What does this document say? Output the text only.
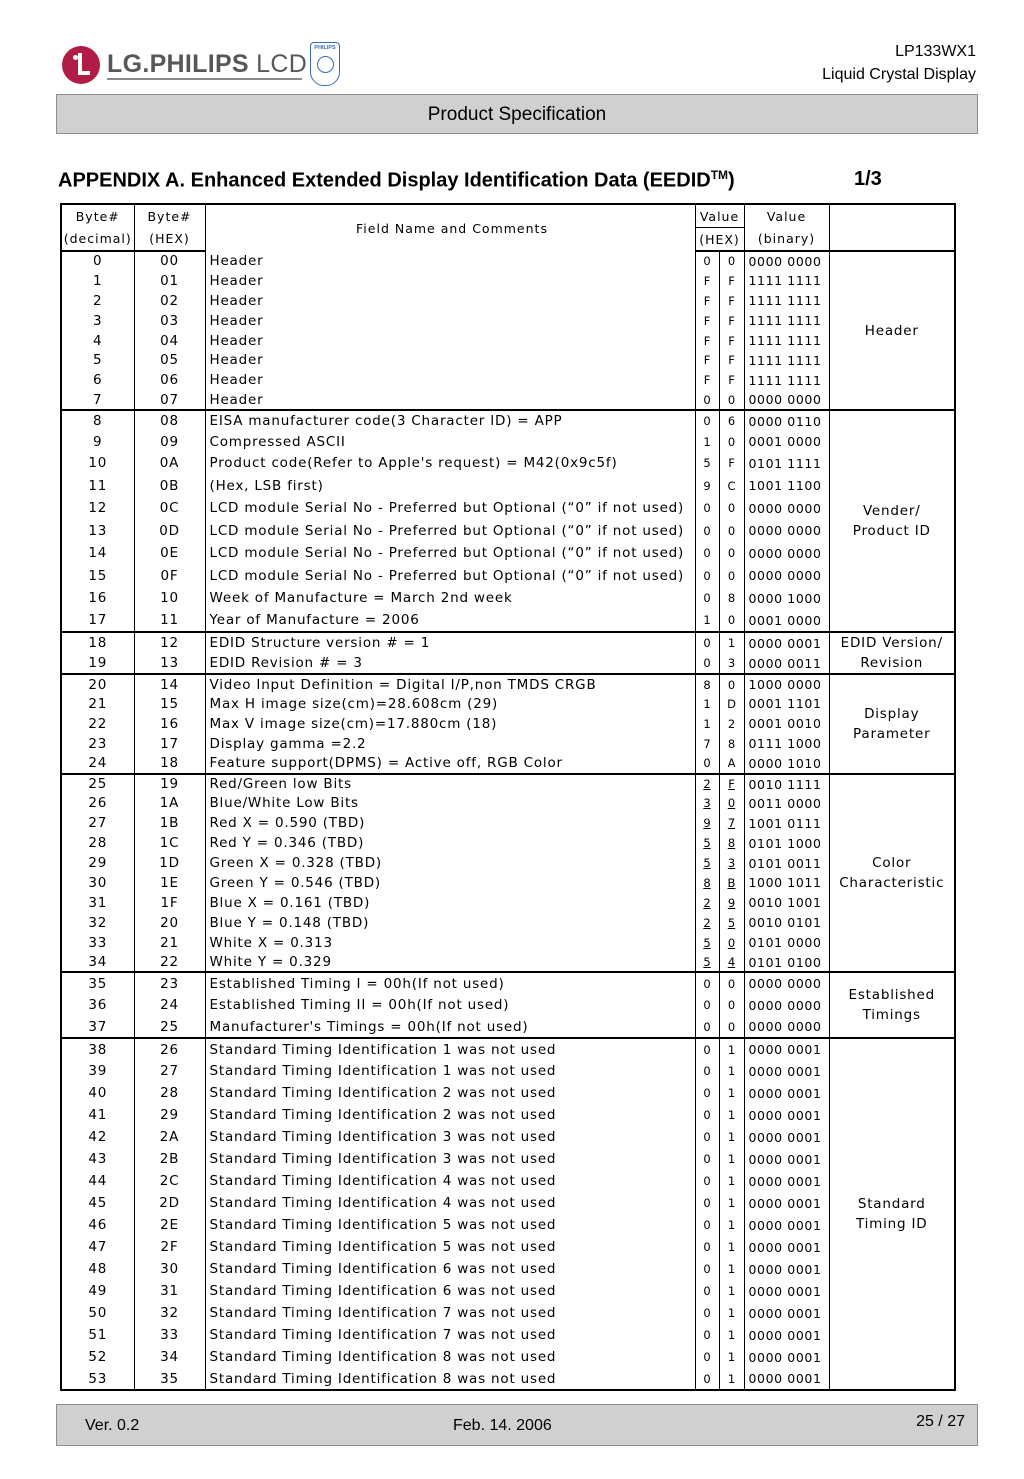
LG.PHILIPS LCD
PHILIPS	LP133WX1
Liquid Crystal Display
Product Specification
APPENDIX A. Enhanced Extended Display Identification Data (EEDID™)	1/3
Byte#	Byte#	Field Name and Comments	Value		Value	
(decimal)	(HEX)		(HEX)		(binary)	
0	00	Header	0	0	0000 0000	Header

1	01	Header	F	F	1111 1111	
2	02	Header	F	F	1111 1111	
3	03	Header	F	F	1111 1111	
4	04	Header	F	F	1111 1111	
5	05	Header	F	F	1111 1111	
6	06	Header	F	F	1111 1111	
7	07	Header	0	0	0000 0000	
8	08	EISA manufacturer code(3 Character ID) = APP	0	6	0000 0110	Vender/
Product ID

9	09	Compressed ASCII	1	0	0001 0000	
10	0A	Product code(Refer to Apple's request) = M42(0x9c5f)	5	F	0101 1111	
11	0B	(Hex, LSB first)	9	C	1001 1100	
12	0C	LCD module Serial No - Preferred but Optional (“0” if not used)	0	0	0000 0000	
13	0D	LCD module Serial No - Preferred but Optional (“0” if not used)	0	0	0000 0000	
14	0E	LCD module Serial No - Preferred but Optional (“0” if not used)	0	0	0000 0000	
15	0F	LCD module Serial No - Preferred but Optional (“0” if not used)	0	0	0000 0000	
16	10	Week of Manufacture = March 2nd week	0	8	0000 1000	
17	11	Year of Manufacture = 2006	1	0	0001 0000	
18	12	EDID Structure version # = 1	0	1	0000 0001	EDID Version/
Revision

19	13	EDID Revision # = 3	0	3	0000 0011	
20	14	Video Input Definition = Digital I/P,non TMDS CRGB	8	0	1000 0000	Display
Parameter

21	15	Max H image size(cm)=28.608cm (29)	1	D	0001 1101	
22	16	Max V image size(cm)=17.880cm (18)	1	2	0001 0010	
23	17	Display gamma =2.2	7	8	0111 1000	
24	18	Feature support(DPMS) = Active off, RGB Color	0	A	0000 1010	
25	19	Red/Green low Bits	2	F	0010 1111	Color
Characteristic

26	1A	Blue/White Low Bits	3	0	0011 0000	
27	1B	Red X = 0.590 (TBD)	9	7	1001 0111	
28	1C	Red Y = 0.346 (TBD)	5	8	0101 1000	
29	1D	Green X = 0.328 (TBD)	5	3	0101 0011	
30	1E	Green Y = 0.546 (TBD)	8	B	1000 1011	
31	1F	Blue X = 0.161 (TBD)	2	9	0010 1001	
32	20	Blue Y = 0.148 (TBD)	2	5	0010 0101	
33	21	White X = 0.313	5	0	0101 0000	
34	22	White Y = 0.329	5	4	0101 0100	
35	23	Established Timing I = 00h(If not used)	0	0	0000 0000	Established
Timings

36	24	Established Timing II = 00h(If not used)	0	0	0000 0000	
37	25	Manufacturer's Timings = 00h(If not used)	0	0	0000 0000	
38	26	Standard Timing Identification 1 was not used	0	1	0000 0001	Standard
Timing ID

39	27	Standard Timing Identification 1 was not used	0	1	0000 0001	
40	28	Standard Timing Identification 2 was not used	0	1	0000 0001	
41	29	Standard Timing Identification 2 was not used	0	1	0000 0001	
42	2A	Standard Timing Identification 3 was not used	0	1	0000 0001	
43	2B	Standard Timing Identification 3 was not used	0	1	0000 0001	
44	2C	Standard Timing Identification 4 was not used	0	1	0000 0001	
45	2D	Standard Timing Identification 4 was not used	0	1	0000 0001	
46	2E	Standard Timing Identification 5 was not used	0	1	0000 0001	
47	2F	Standard Timing Identification 5 was not used	0	1	0000 0001	
48	30	Standard Timing Identification 6 was not used	0	1	0000 0001	
49	31	Standard Timing Identification 6 was not used	0	1	0000 0001	
50	32	Standard Timing Identification 7 was not used	0	1	0000 0001	
51	33	Standard Timing Identification 7 was not used	0	1	0000 0001	
52	34	Standard Timing Identification 8 was not used	0	1	0000 0001	
53	35	Standard Timing Identification 8 was not used	0	1	0000 0001	
Ver. 0.2	Feb. 14. 2006	25 / 27
